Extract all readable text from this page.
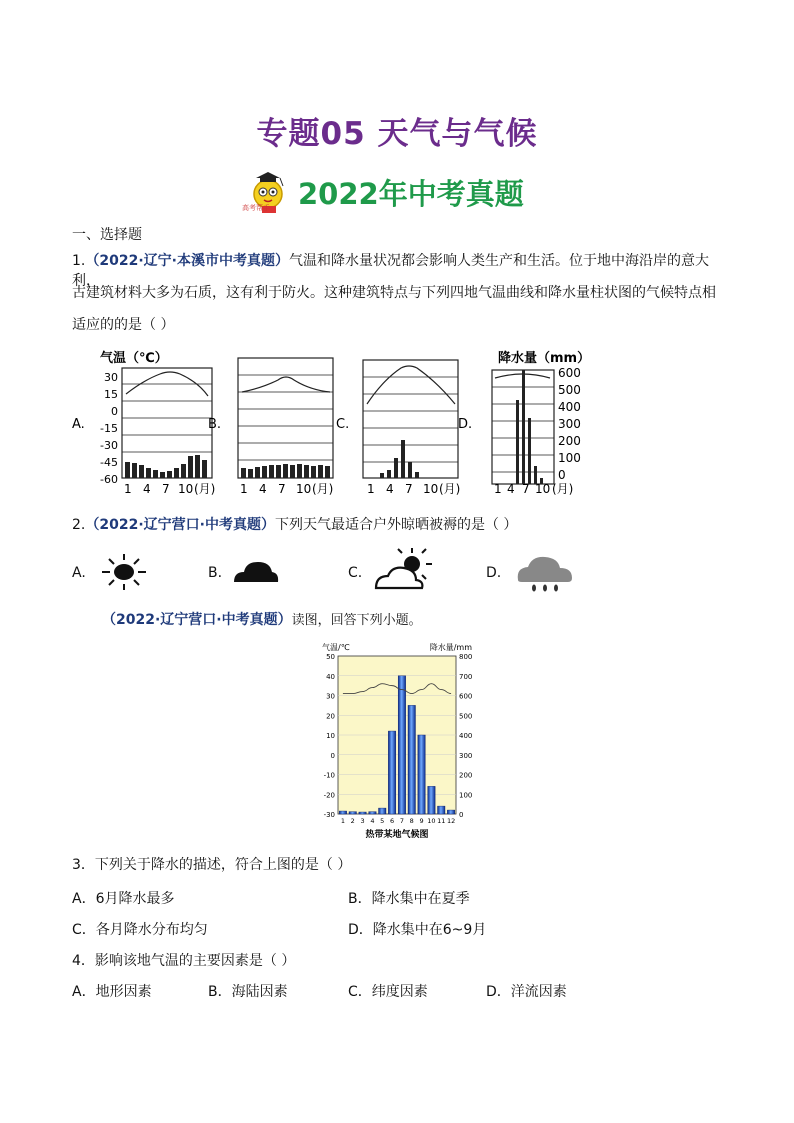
专题05 天气与气候
高考帮手 2022年中考真题
一、选择题
1.（2022·辽宁·本溪市中考真题）气温和降水量状况都会影响人类生产和生活。位于地中海沿岸的意大利，
古建筑材料大多为石质，这有利于防火。这种建筑特点与下列四地气温曲线和降水量柱状图的气候特点相
适应的的是（ ）
气温（℃）
A.
30
15
0
-15
-30
-45
-60
1 4 7 10 (月)
B.
1 4 7 10 (月)
C.
1 4 7 10 (月)
D.
降水量（mm）
600
500
400
300
200
100
0
1 4 7 10 (月)
2.（2022·辽宁营口·中考真题）下列天气最适合户外晾晒被褥的是（ ）
A.	B.	C.	D.
（2022·辽宁营口·中考真题）读图，回答下列小题。
气温/℃	降水量/mm
50
40
30
20
10
0
-10
-20
-30
800
700
600
500
400
300
200
100
0
1 2 3 4 5 6 7 8 9 10 11 12
热带某地气候图
3．下列关于降水的描述，符合上图的是（ ）
A．6月降水最多	B．降水集中在夏季
C．各月降水分布均匀	D．降水集中在6~9月
4．影响该地气温的主要因素是（ ）
A．地形因素	B．海陆因素	C．纬度因素	D．洋流因素
